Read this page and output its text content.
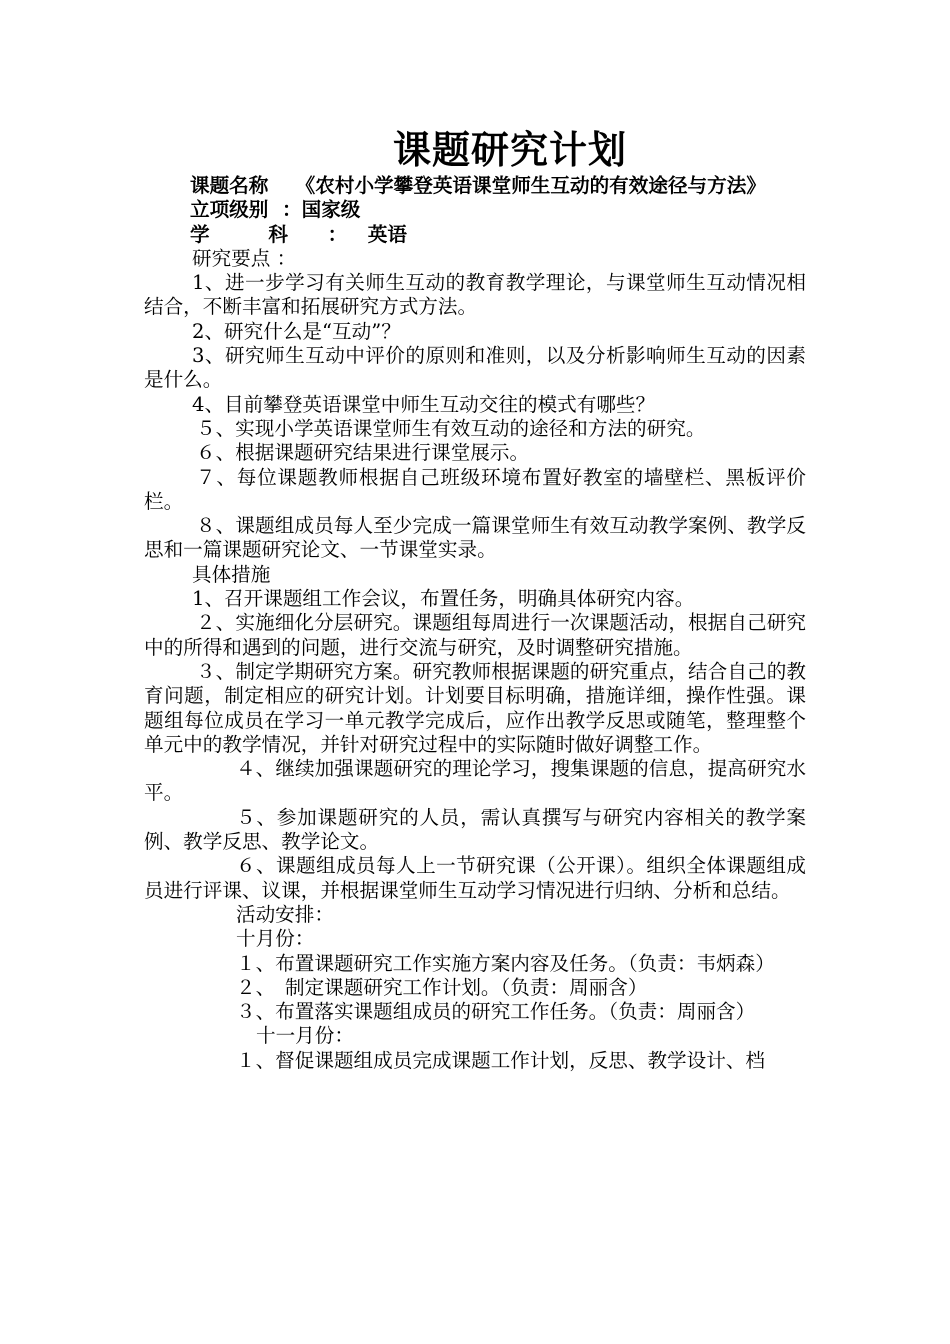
课题研究计划

课题名称 《农村小学攀登英语课堂师生互动的有效途径与方法》

立项级别 ：国家级

学 科 ： 英语

研究要点 ：

1、进一步学习有关师生互动的教育教学理论，与课堂师生互动情况相结合，不断丰富和拓展研究方式方法。

2、研究什么是“互动”？

3、研究师生互动中评价的原则和准则，以及分析影响师生互动的因素是什么。

4、目前攀登英语课堂中师生互动交往的模式有哪些？

５、实现小学英语课堂师生有效互动的途径和方法的研究。

６、根据课题研究结果进行课堂展示。

７、每位课题教师根据自己班级环境布置好教室的墙壁栏、黑板评价栏。

８、课题组成员每人至少完成一篇课堂师生有效互动教学案例、教学反思和一篇课题研究论文、一节课堂实录。

具体措施

1、召开课题组工作会议，布置任务，明确具体研究内容。

２、实施细化分层研究。课题组每周进行一次课题活动，根据自己研究中的所得和遇到的问题，进行交流与研究，及时调整研究措施。

３、制定学期研究方案。研究教师根据课题的研究重点，结合自己的教育问题，制定相应的研究计划。计划要目标明确，措施详细，操作性强。课题组每位成员在学习一单元教学完成后，应作出教学反思或随笔，整理整个单元中的教学情况，并针对研究过程中的实际随时做好调整工作。

４、继续加强课题研究的理论学习，搜集课题的信息，提高研究水平。

５、参加课题研究的人员，需认真撰写与研究内容相关的教学案例、教学反思、教学论文。

６、课题组成员每人上一节研究课（公开课）。组织全体课题组成员进行评课、议课，并根据课堂师生互动学习情况进行归纳、分析和总结。

活动安排：

十月份：

１、布置课题研究工作实施方案内容及任务。（负责：韦炳森）

２、　制定课题研究工作计划。（负责：周丽含）

３、布置落实课题组成员的研究工作任务。（负责：周丽含）

十一月份：

１、督促课题组成员完成课题工作计划，反思、教学设计、档
